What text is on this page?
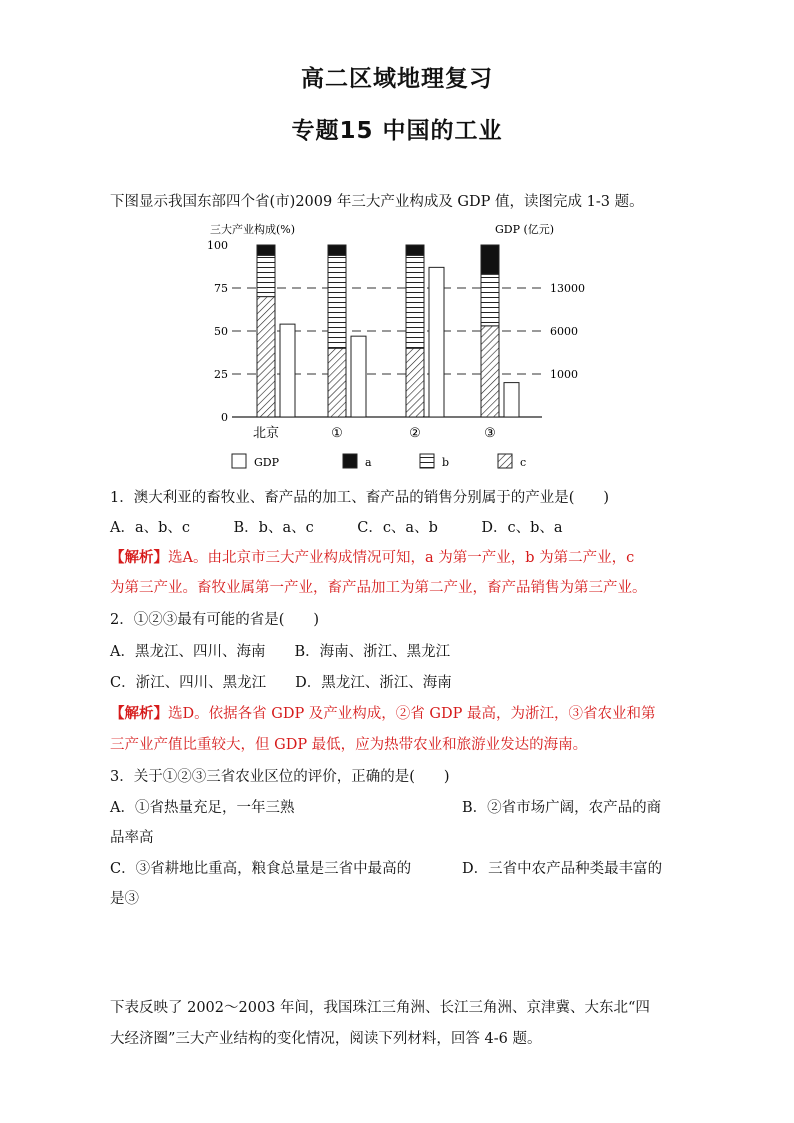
高二区域地理复习
专题15 中国的工业
下图显示我国东部四个省(市)2009 年三大产业构成及 GDP 值，读图完成 1-3 题。
三大产业构成(%)	GDP (亿元)
100
75
50
25
0
13000
6000
1000
北京	①	②	③
GDP	a	b	c
1．澳大利亚的畜牧业、畜产品的加工、畜产品的销售分别属于的产业是(　　)
A．a、b、c　　　B．b、a、c　　　C．c、a、b　　　D．c、b、a
【解析】选A。由北京市三大产业构成情况可知，a 为第一产业，b 为第二产业，c
为第三产业。畜牧业属第一产业，畜产品加工为第二产业，畜产品销售为第三产业。
2．①②③最有可能的省是(　　)
A．黑龙江、四川、海南　　B．海南、浙江、黑龙江
C．浙江、四川、黑龙江　　D．黑龙江、浙江、海南
【解析】选D。依据各省 GDP 及产业构成，②省 GDP 最高，为浙江，③省农业和第
三产业产值比重较大，但 GDP 最低，应为热带农业和旅游业发达的海南。
3．关于①②③三省农业区位的评价，正确的是(　　)
A．①省热量充足，一年三熟	B．②省市场广阔，农产品的商
品率高
C．③省耕地比重高，粮食总量是三省中最高的	D．三省中农产品种类最丰富的
是③
下表反映了 2002～2003 年间，我国珠江三角洲、长江三角洲、京津冀、大东北“四
大经济圈”三大产业结构的变化情况，阅读下列材料，回答 4-6 题。
